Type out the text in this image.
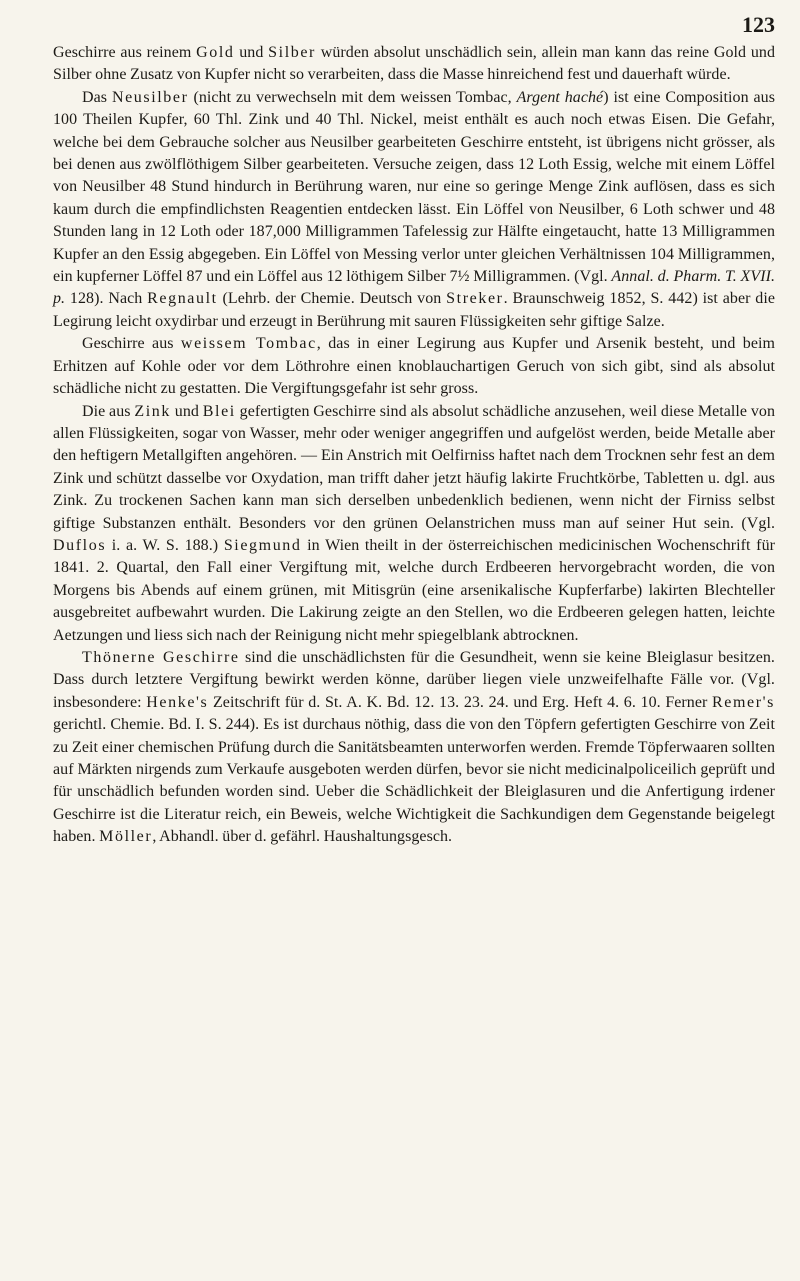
123

Geschirre aus reinem Gold und Silber würden absolut unschädlich sein, allein man kann das reine Gold und Silber ohne Zusatz von Kupfer nicht so verarbeiten, dass die Masse hinreichend fest und dauerhaft würde.

Das Neusilber (nicht zu verwechseln mit dem weissen Tombac, Argent haché) ist eine Composition aus 100 Theilen Kupfer, 60 Thl. Zink und 40 Thl. Nickel, meist enthält es auch noch etwas Eisen. Die Gefahr, welche bei dem Gebrauche solcher aus Neusilber gearbeiteten Geschirre entsteht, ist übrigens nicht grösser, als bei denen aus zwölflöthigem Silber gearbeiteten. Versuche zeigen, dass 12 Loth Essig, welche mit einem Löffel von Neusilber 48 Stund hindurch in Berührung waren, nur eine so geringe Menge Zink auflösen, dass es sich kaum durch die empfindlichsten Reagentien entdecken lässt. Ein Löffel von Neusilber, 6 Loth schwer und 48 Stunden lang in 12 Loth oder 187,000 Milligrammen Tafelessig zur Hälfte eingetaucht, hatte 13 Milligrammen Kupfer an den Essig abgegeben. Ein Löffel von Messing verlor unter gleichen Verhältnissen 104 Milligrammen, ein kupferner Löffel 87 und ein Löffel aus 12 löthigem Silber 7½ Milligrammen. (Vgl. Annal. d. Pharm. T. XVII. p. 128). Nach Regnault (Lehrb. der Chemie. Deutsch von Streker. Braunschweig 1852, S. 442) ist aber die Legirung leicht oxydirbar und erzeugt in Berührung mit sauren Flüssigkeiten sehr giftige Salze.

Geschirre aus weissem Tombac, das in einer Legirung aus Kupfer und Arsenik besteht, und beim Erhitzen auf Kohle oder vor dem Löthrohre einen knoblauchartigen Geruch von sich gibt, sind als absolut schädliche nicht zu gestatten. Die Vergiftungsgefahr ist sehr gross.

Die aus Zink und Blei gefertigten Geschirre sind als absolut schädliche anzusehen, weil diese Metalle von allen Flüssigkeiten, sogar von Wasser, mehr oder weniger angegriffen und aufgelöst werden, beide Metalle aber den heftigern Metallgiften angehören. — Ein Anstrich mit Oelfirniss haftet nach dem Trocknen sehr fest an dem Zink und schützt dasselbe vor Oxydation, man trifft daher jetzt häufig lakirte Fruchtkörbe, Tabletten u. dgl. aus Zink. Zu trockenen Sachen kann man sich derselben unbedenklich bedienen, wenn nicht der Firniss selbst giftige Substanzen enthält. Besonders vor den grünen Oelanstrichen muss man auf seiner Hut sein. (Vgl. Duflos i. a. W. S. 188.) Siegmund in Wien theilt in der österreichischen medicinischen Wochenschrift für 1841. 2. Quartal, den Fall einer Vergiftung mit, welche durch Erdbeeren hervorgebracht worden, die von Morgens bis Abends auf einem grünen, mit Mitisgrün (eine arsenikalische Kupferfarbe) lakirten Blechteller ausgebreitet aufbewahrt wurden. Die Lakirung zeigte an den Stellen, wo die Erdbeeren gelegen hatten, leichte Aetzungen und liess sich nach der Reinigung nicht mehr spiegelblank abtrocknen.

Thönerne Geschirre sind die unschädlichsten für die Gesundheit, wenn sie keine Bleiglasur besitzen. Dass durch letztere Vergiftung bewirkt werden könne, darüber liegen viele unzweifelhafte Fälle vor. (Vgl. insbesondere: Henke's Zeitschrift für d. St. A. K. Bd. 12. 13. 23. 24. und Erg. Heft 4. 6. 10. Ferner Remer's gerichtl. Chemie. Bd. I. S. 244). Es ist durchaus nöthig, dass die von den Töpfern gefertigten Geschirre von Zeit zu Zeit einer chemischen Prüfung durch die Sanitätsbeamten unterworfen werden. Fremde Töpferwaaren sollten auf Märkten nirgends zum Verkaufe ausgeboten werden dürfen, bevor sie nicht medicinalpoliceilich geprüft und für unschädlich befunden worden sind. Ueber die Schädlichkeit der Bleiglasuren und die Anfertigung irdener Geschirre ist die Literatur reich, ein Beweis, welche Wichtigkeit die Sachkundigen dem Gegenstande beigelegt haben. Möller, Abhandl. über d. gefährl. Haushaltungsgesch.
